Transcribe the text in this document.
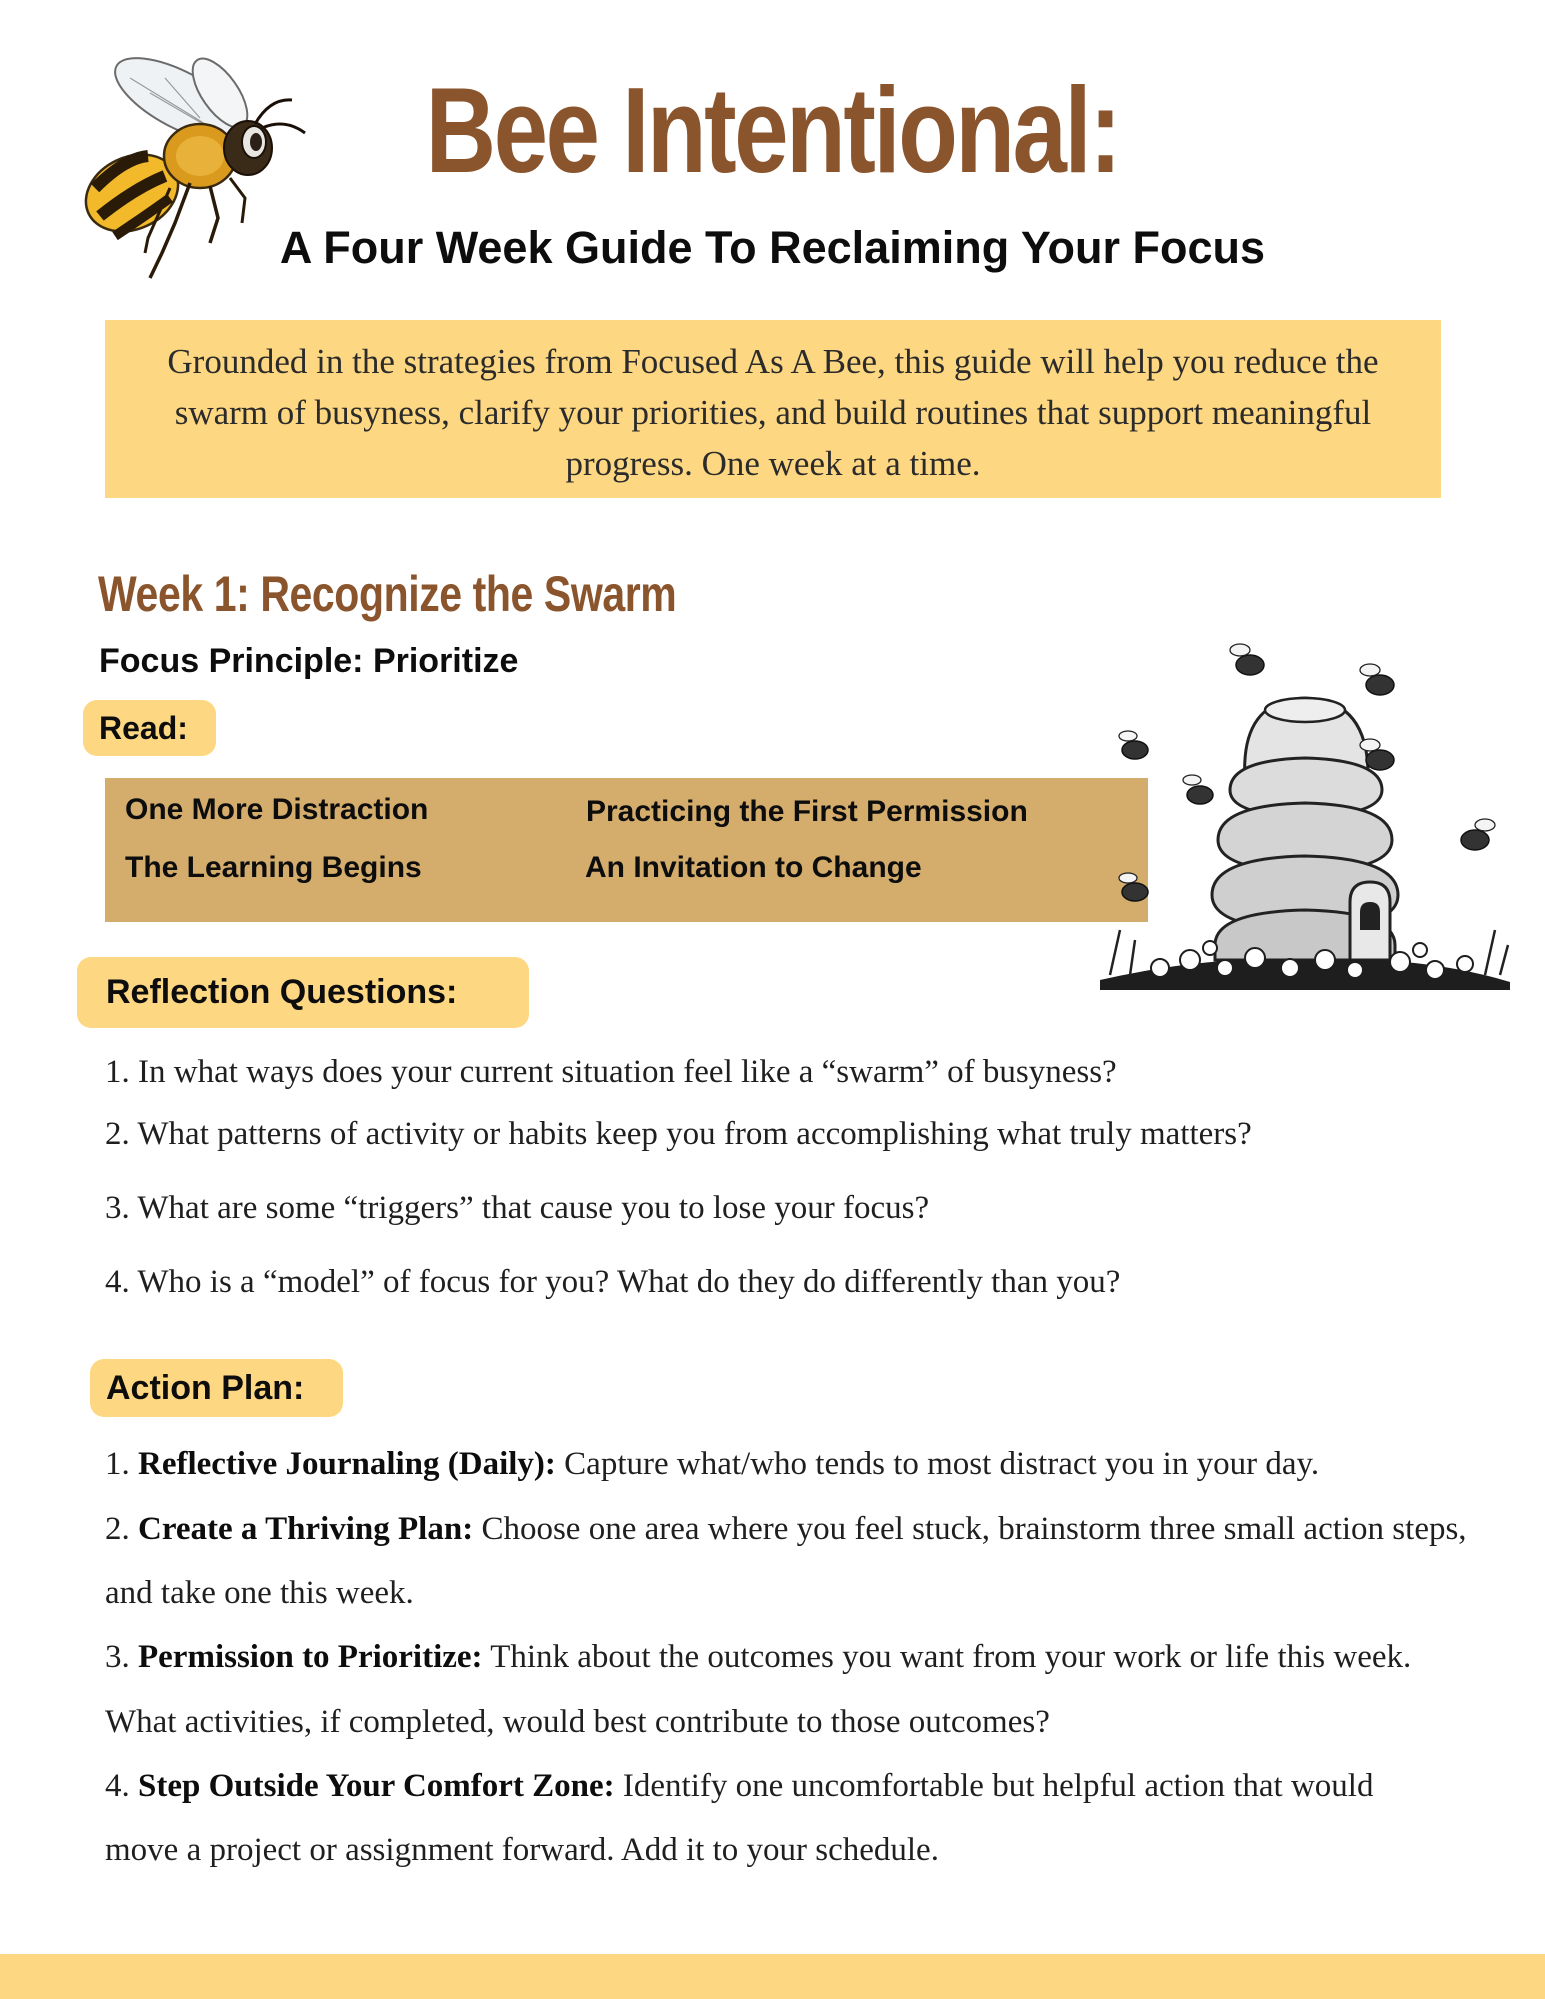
Bee Intentional:
A Four Week Guide To Reclaiming Your Focus
Grounded in the strategies from Focused As A Bee, this guide will help you reduce the swarm of busyness, clarify your priorities, and build routines that support meaningful progress. One week at a time.
Week 1: Recognize the Swarm
Focus Principle: Prioritize
Read:
One More Distraction	Practicing the First Permission
The Learning Begins	An Invitation to Change
Reflection Questions:
1. In what ways does your current situation feel like a “swarm” of busyness?
2. What patterns of activity or habits keep you from accomplishing what truly matters?
3. What are some “triggers” that cause you to lose your focus?
4. Who is a “model” of focus for you? What do they do differently than you?
Action Plan:
1. Reflective Journaling (Daily): Capture what/who tends to most distract you in your day.
2. Create a Thriving Plan: Choose one area where you feel stuck, brainstorm three small action steps,
and take one this week.
3. Permission to Prioritize: Think about the outcomes you want from your work or life this week.
What activities, if completed, would best contribute to those outcomes?
4. Step Outside Your Comfort Zone: Identify one uncomfortable but helpful action that would
move a project or assignment forward. Add it to your schedule.
